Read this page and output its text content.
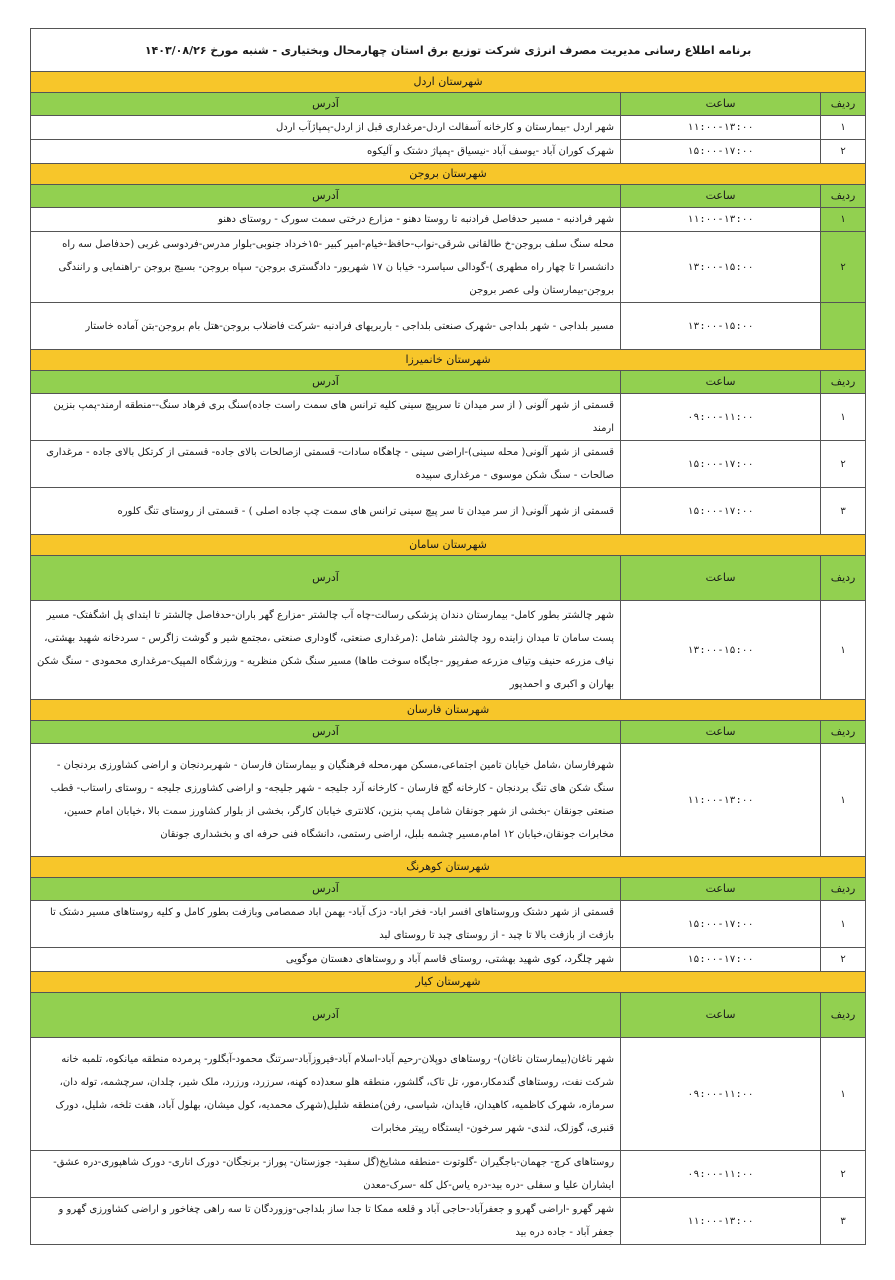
برنامه اطلاع رسانی مدیریت مصرف انرژی شرکت توزیع برق استان چهارمحال وبختیاری - شنبه مورخ ۱۴۰۳/۰۸/۲۶		
شهرستان اردل		
ردیف	ساعت	آدرس
۱	۱۱:۰۰-۱۳:۰۰	شهر اردل -بیمارستان و کارخانه آسفالت اردل-مرغداری قبل از اردل-پمپاژآب اردل
۲	۱۵:۰۰-۱۷:۰۰	شهرک کوران آباد -یوسف آباد -نیسیاق -پمپاژ دشتک و آلیکوه
شهرستان بروجن		
ردیف	ساعت	آدرس
۱	۱۱:۰۰-۱۳:۰۰	شهر فرادنبه - مسیر حدفاصل فرادنبه تا روستا دهنو - مزارع درختی سمت سورک - روستای دهنو
۲	۱۳:۰۰-۱۵:۰۰	محله سنگ سلف بروجن-خ طالقانی شرقی-نواب-حافظ-خیام-امیر کبیر -۱۵خرداد جنوبی-بلوار مدرس-فردوسی غربی (حدفاصل سه راه دانشسرا تا چهار راه مطهری )-گودالی سیاسرد- خیابا ن ۱۷ شهریور- دادگستری بروجن- سپاه بروجن- بسیج بروجن -راهنمایی و رانندگی بروجن-بیمارستان ولی عصر بروجن
	۱۳:۰۰-۱۵:۰۰	مسیر بلداجی - شهر بلداجی -شهرک صنعتی بلداجی - باربریهای فرادنبه -شرکت فاضلاب بروجن-هتل بام بروجن-بتن آماده خاستار
شهرستان خانمیرزا		
ردیف	ساعت	آدرس
۱	۰۹:۰۰-۱۱:۰۰	قسمتی از شهر آلونی ( از سر میدان تا سرپیچ سینی کلیه ترانس های سمت راست جاده)سنگ بری فرهاد سنگ--منطقه ارمند-پمپ بنزین ارمند
۲	۱۵:۰۰-۱۷:۰۰	قسمتی از شهر آلونی( محله سینی)-اراضی سینی - چاهگاه سادات- قسمتی ازصالحات بالای جاده- قسمتی از کرتکل بالای جاده - مرغداری صالحات - سنگ شکن موسوی - مرغداری سپیده
۳	۱۵:۰۰-۱۷:۰۰	قسمتی از شهر آلونی( از سر میدان تا سر پیچ سینی ترانس های سمت چپ جاده اصلی ) - قسمتی از روستای تنگ کلوره
شهرستان سامان		
ردیف	ساعت	آدرس
۱	۱۳:۰۰-۱۵:۰۰	شهر چالشتر بطور کامل- بیمارستان دندان پزشکی رسالت-چاه آب چالشتر -مزارع گهر باران-حدفاصل چالشتر تا ابتدای پل اشگفتک- مسیر پست سامان تا میدان زاینده رود چالشتر شامل :(مرغداری صنعتی، گاوداری صنعتی ،مجتمع شیر و گوشت زاگرس - سردخانه شهید بهشتی، نیاف مزرعه حنیف وتیاف مزرعه صفرپور -جایگاه سوخت طاها) مسیر سنگ شکن منظریه - ورزشگاه المپیک-مرغداری محمودی - سنگ شکن بهاران و اکبری و احمدپور
شهرستان فارسان		
ردیف	ساعت	آدرس
۱	۱۱:۰۰-۱۳:۰۰	شهرفارسان ،شامل خیابان تامین اجتماعی،مسکن مهر،محله فرهنگیان و بیمارستان فارسان - شهربردنجان و اراضی کشاورزی بردنجان - سنگ شکن های تنگ بردنجان - کارخانه گچ فارسان - کارخانه آرد جلیجه - شهر جلیجه- و اراضی کشاورزی جلیجه - روستای راستاب- قطب صنعتی جونقان -بخشی از شهر جونقان شامل پمپ بنزین، کلانتری خیابان کارگر، بخشی از بلوار کشاورز سمت بالا ،خیابان امام حسین، مخابرات جونقان،خیابان ۱۲ امام،مسیر چشمه بلبل، اراضی رستمی، دانشگاه فنی حرفه ای و بخشداری جونقان
شهرستان کوهرنگ		
ردیف	ساعت	آدرس
۱	۱۵:۰۰-۱۷:۰۰	قسمتی از شهر دشتک وروستاهای افسر اباد- فخر اباد- دزک آباد- بهمن اباد صمصامی وبازفت بطور کامل و کلیه روستاهای مسیر دشتک تا بازفت از بازفت بالا تا چبد - از روستای چبد تا روستای لبد
۲	۱۵:۰۰-۱۷:۰۰	شهر چلگرد، کوی شهید بهشتی، روستای قاسم آباد و روستاهای دهستان موگویی
شهرستان کیار		
ردیف	ساعت	آدرس
۱	۰۹:۰۰-۱۱:۰۰	شهر ناغان(بیمارستان ناغان)- روستاهای دوپلان-رحیم آباد-اسلام آباد-فیروزآباد-سرتنگ محمود-آبگلور- پرمرده منطقه میانکوه، تلمبه خانه شرکت نفت، روستاهای گندمکار،مور، تل تاک، گلشور، منطقه هلو سعد(ده کهنه، سرزرد، ورزرد، ملک شیر، چلدان، سرچشمه، توله دان، سرمازه، شهرک کاظمیه، کاهیدان، قایدان، شیاسی، رفن)منطقه شلیل(شهرک محمدیه، کول میشان، بهلول آباد، هفت تلخه، شلیل، دورک قنبری، گوزلک، لندی- شهر سرخون- ایستگاه رپیتر مخابرات
۲	۰۹:۰۰-۱۱:۰۰	روستاهای کرچ- جهمان-باجگیران -گلوتوت -منطقه مشایخ(گل سفید- جوزستان- پوراز- برنجگان- دورک اناری- دورک شاهپوری-دره عشق- ایشاران علیا و سفلی -دره بید-دره یاس-کل کله -سرک-معدن
۳	۱۱:۰۰-۱۳:۰۰	شهر گهرو -اراضی گهرو و جعفرآباد-حاجی آباد و قلعه ممکا تا جدا ساز بلداجی-وزوردگان تا سه راهی چغاخور و اراضی کشاورزی گهرو و جعفر آباد - جاده دره بید
